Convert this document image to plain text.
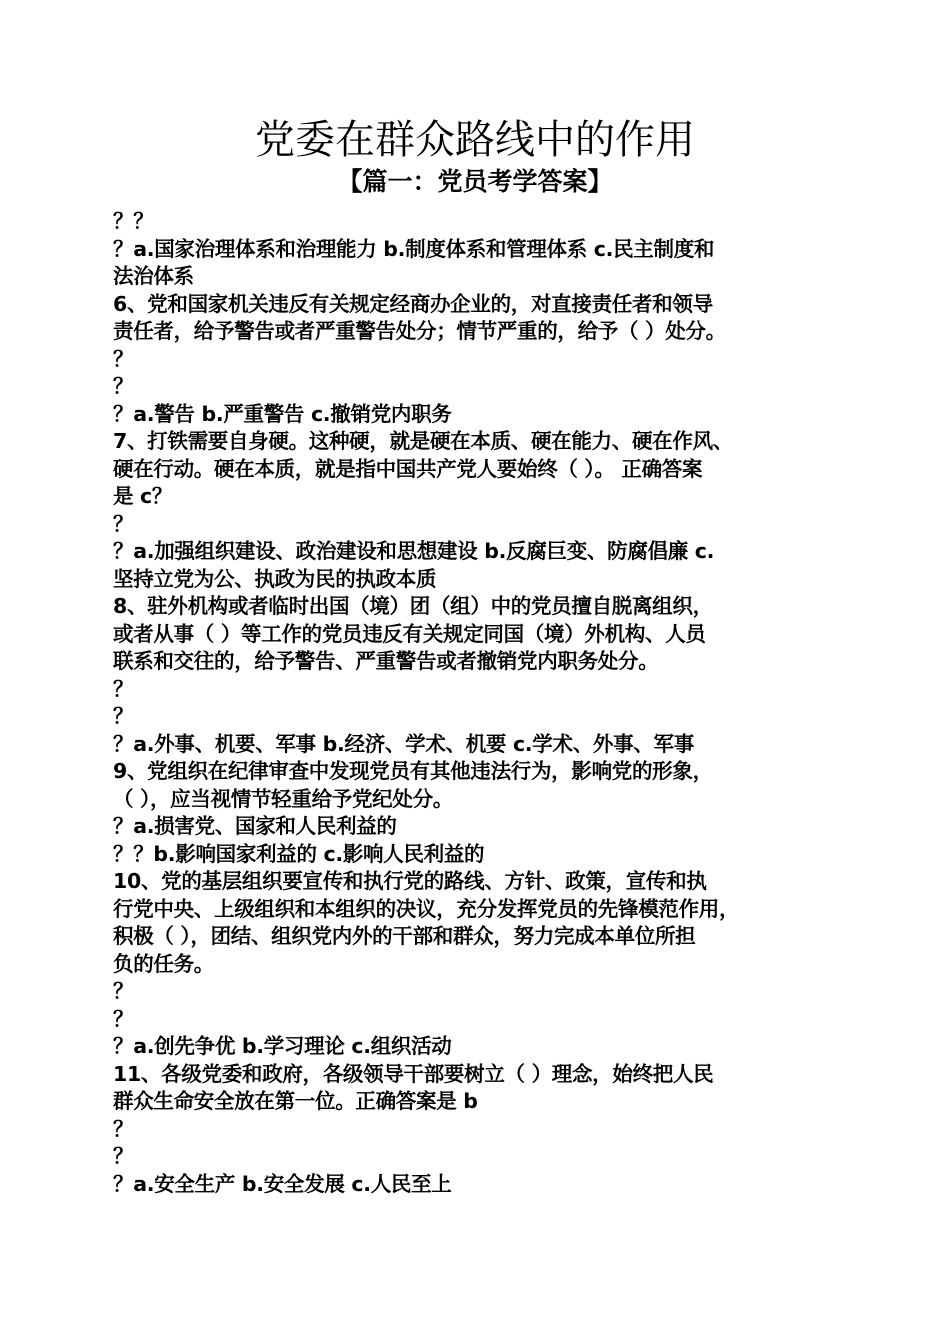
党委在群众路线中的作用
【篇一：党员考学答案】
？？
？a.国家治理体系和治理能力 b.制度体系和管理体系 c.民主制度和
法治体系
6、党和国家机关违反有关规定经商办企业的，对直接责任者和领导
责任者，给予警告或者严重警告处分；情节严重的，给予（ ）处分。
？
？
？a.警告 b.严重警告 c.撤销党内职务
7、打铁需要自身硬。这种硬，就是硬在本质、硬在能力、硬在作风、
硬在行动。硬在本质，就是指中国共产党人要始终（ ）。 正确答案
是 c？
？
？a.加强组织建设、政治建设和思想建设 b.反腐巨变、防腐倡廉 c.
坚持立党为公、执政为民的执政本质
8、驻外机构或者临时出国（境）团（组）中的党员擅自脱离组织，
或者从事（ ）等工作的党员违反有关规定同国（境）外机构、人员
联系和交往的，给予警告、严重警告或者撤销党内职务处分。
？
？
？a.外事、机要、军事 b.经济、学术、机要 c.学术、外事、军事
9、党组织在纪律审查中发现党员有其他违法行为，影响党的形象，
（ ），应当视情节轻重给予党纪处分。
？a.损害党、国家和人民利益的
？？b.影响国家利益的 c.影响人民利益的
10、党的基层组织要宣传和执行党的路线、方针、政策，宣传和执
行党中央、上级组织和本组织的决议，充分发挥党员的先锋模范作用，
积极（ ），团结、组织党内外的干部和群众，努力完成本单位所担
负的任务。
？
？
？a.创先争优 b.学习理论 c.组织活动
11、各级党委和政府，各级领导干部要树立（ ）理念，始终把人民
群众生命安全放在第一位。正确答案是 b
？
？
？a.安全生产 b.安全发展 c.人民至上
